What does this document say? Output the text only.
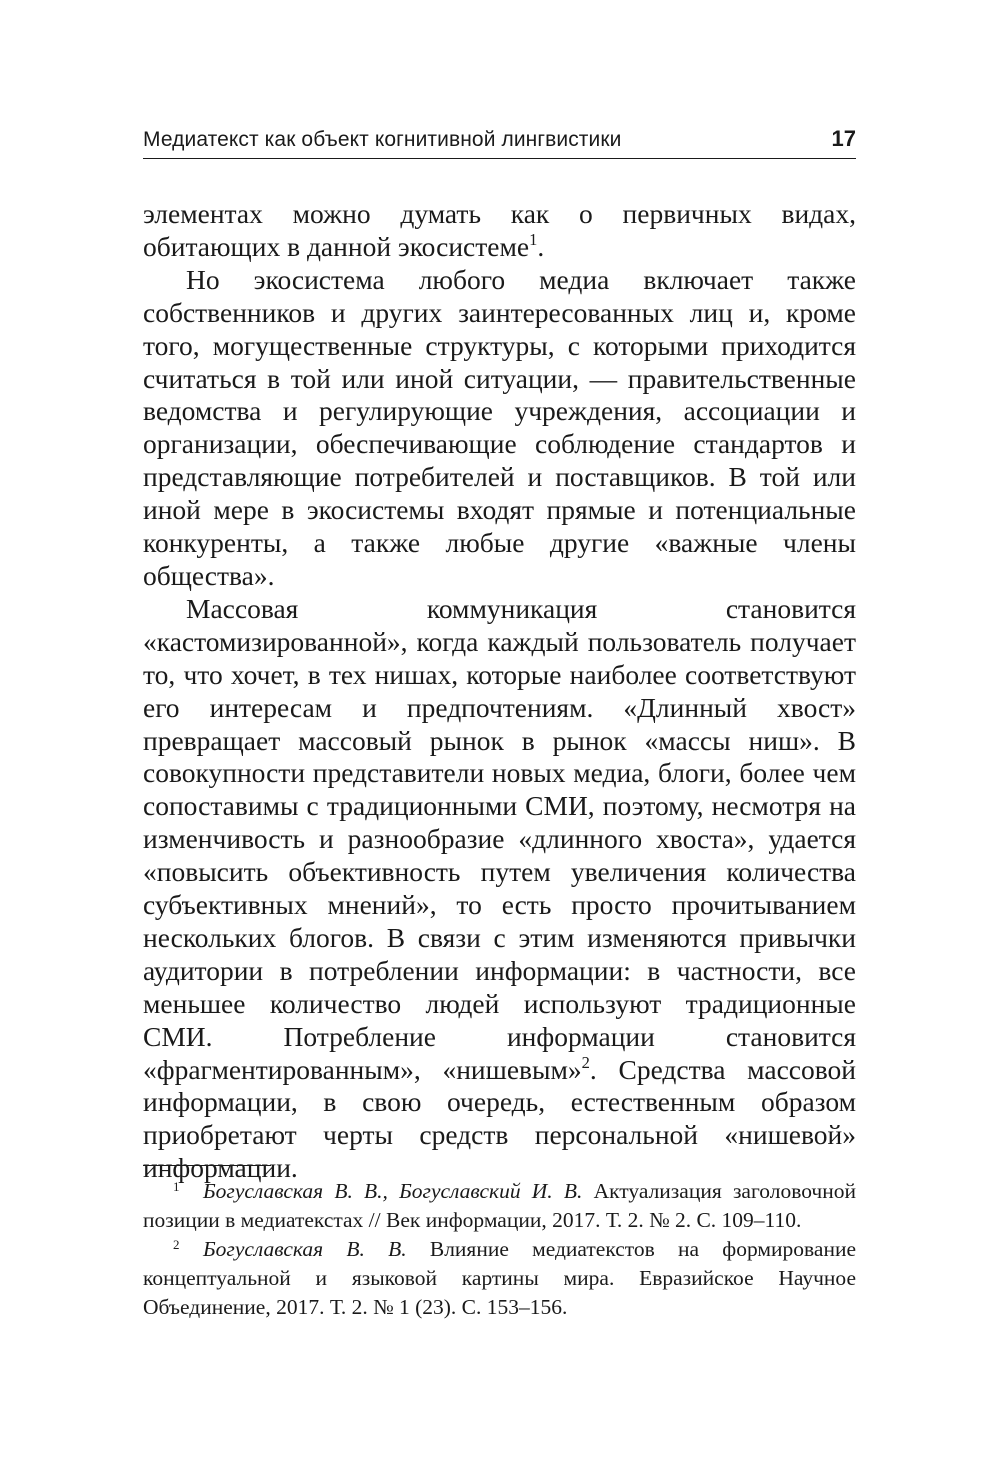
Медиатекст как объект когнитивной лингвистики	17

элементах можно думать как о первичных видах, обитающих в данной экосистеме$^1$.

Но экосистема любого медиа включает также собственников и других заинтересованных лиц и, кроме того, могущественные структуры, с которыми приходится считаться в той или иной ситуации, — правительственные ведомства и регулирующие учреждения, ассоциации и организации, обеспечивающие соблюдение стандартов и представляющие потребителей и поставщиков. В той или иной мере в экосистемы входят прямые и потенциальные конкуренты, а также любые другие «важные члены общества».

Массовая коммуникация становится «кастомизированной», когда каждый пользователь получает то, что хочет, в тех нишах, которые наиболее соответствуют его интересам и предпочтениям. «Длинный хвост» превращает массовый рынок в рынок «массы ниш». В совокупности представители новых медиа, блоги, более чем сопоставимы с традиционными СМИ, поэтому, несмотря на изменчивость и разнообразие «длинного хвоста», удается «повысить объективность путем увеличения количества субъективных мнений», то есть просто прочитыванием нескольких блогов. В связи с этим изменяются привычки аудитории в потреблении информации: в частности, все меньшее количество людей используют традиционные СМИ. Потребление информации становится «фрагментированным», «нишевым»$^2$. Средства массовой информации, в свою очередь, естественным образом приобретают черты средств персональной «нишевой» информации.

1 Богуславская В. В., Богуславский И. В. Актуализация заголовочной позиции в медиатекстах // Век информации, 2017. Т. 2. № 2. С. 109–110.

2 Богуславская В. В. Влияние медиатекстов на формирование концептуальной и языковой картины мира. Евразийское Научное Объединение, 2017. Т. 2. № 1 (23). С. 153–156.
